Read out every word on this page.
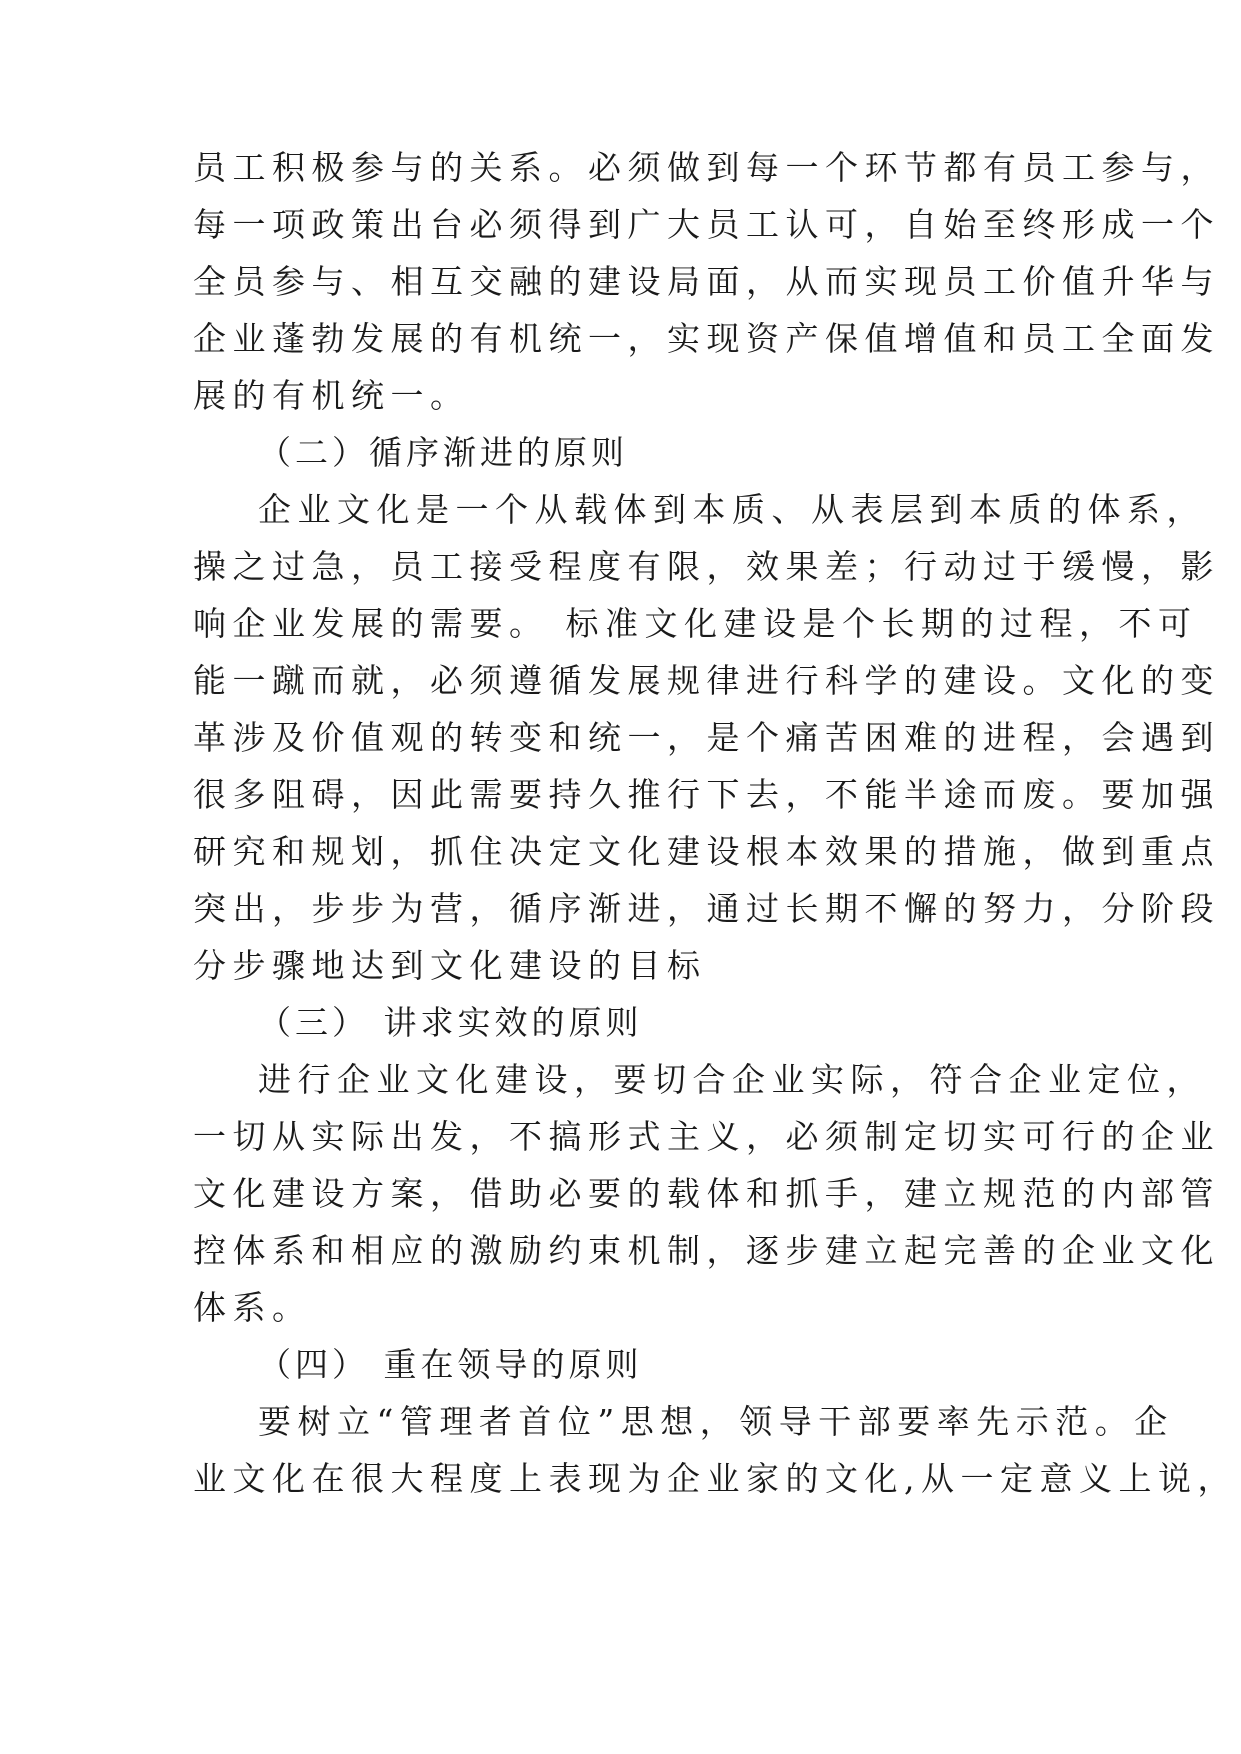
员工积极参与的关系。必须做到每一个环节都有员工参与，
每一项政策出台必须得到广大员工认可，自始至终形成一个
全员参与、相互交融的建设局面，从而实现员工价值升华与
企业蓬勃发展的有机统一，实现资产保值增值和员工全面发
展的有机统一。
（二）循序渐进的原则
企业文化是一个从载体到本质、从表层到本质的体系，
操之过急，员工接受程度有限，效果差；行动过于缓慢，影
响企业发展的需要。 标准文化建设是个长期的过程，不可
能一蹴而就，必须遵循发展规律进行科学的建设。文化的变
革涉及价值观的转变和统一，是个痛苦困难的进程，会遇到
很多阻碍，因此需要持久推行下去，不能半途而废。要加强
研究和规划，抓住决定文化建设根本效果的措施，做到重点
突出，步步为营，循序渐进，通过长期不懈的努力，分阶段
分步骤地达到文化建设的目标
（三） 讲求实效的原则
进行企业文化建设，要切合企业实际，符合企业定位，
一切从实际出发，不搞形式主义，必须制定切实可行的企业
文化建设方案，借助必要的载体和抓手，建立规范的内部管
控体系和相应的激励约束机制，逐步建立起完善的企业文化
体系。
（四） 重在领导的原则
要树立“管理者首位”思想，领导干部要率先示范。企
业文化在很大程度上表现为企业家的文化,从一定意义上说，
